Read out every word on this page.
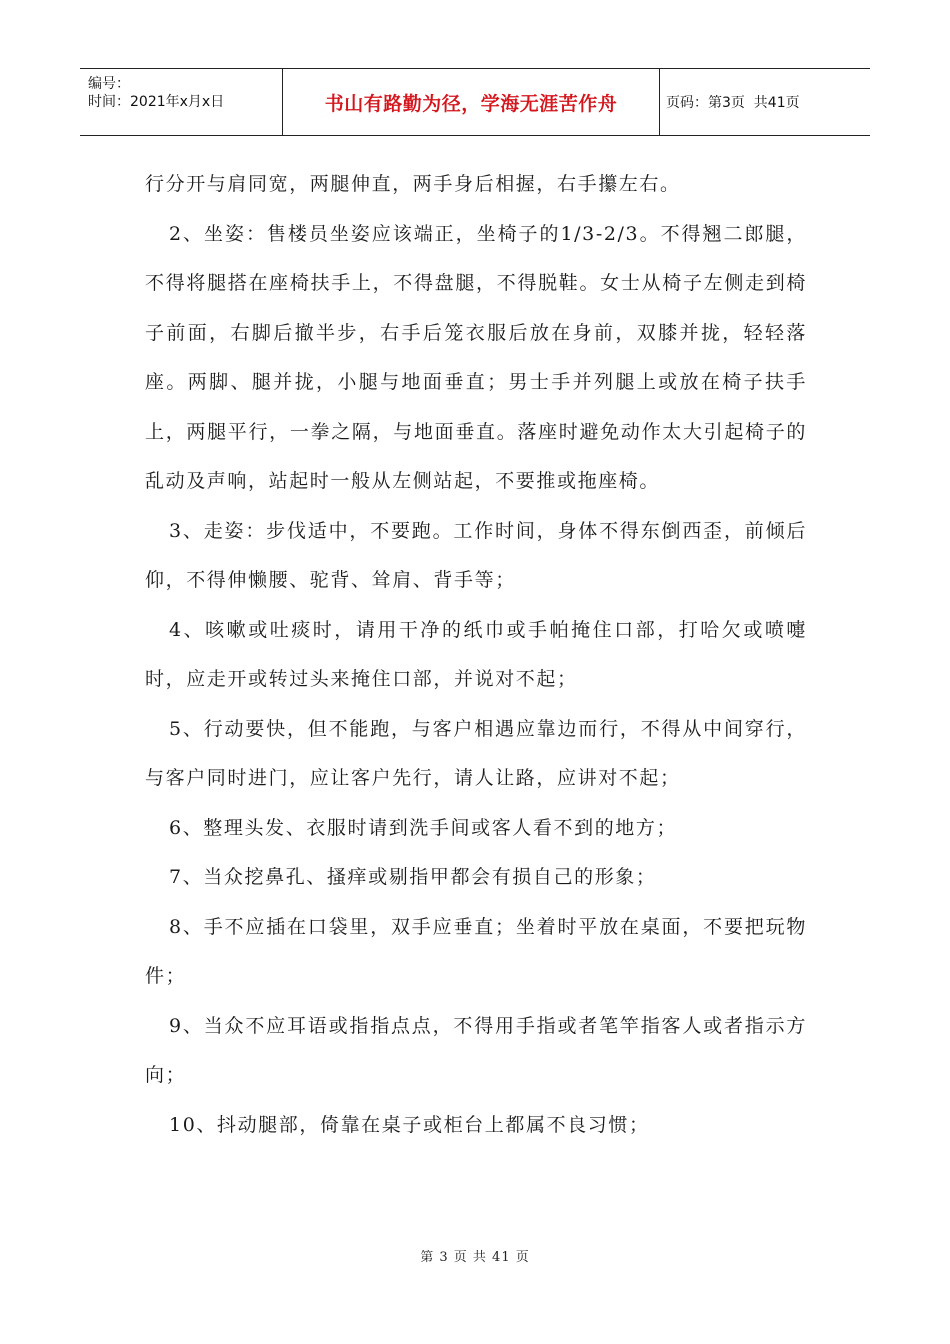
编号：
时间：2021年x月x日	书山有路勤为径，学海无涯苦作舟	页码：第3页  共41页

行分开与肩同宽，两腿伸直，两手身后相握，右手攥左右。

2、坐姿：售楼员坐姿应该端正，坐椅子的1/3-2/3。不得翘二郎腿，不得将腿搭在座椅扶手上，不得盘腿，不得脱鞋。女士从椅子左侧走到椅子前面，右脚后撤半步，右手后笼衣服后放在身前，双膝并拢，轻轻落座。两脚、腿并拢，小腿与地面垂直；男士手并列腿上或放在椅子扶手上，两腿平行，一拳之隔，与地面垂直。落座时避免动作太大引起椅子的乱动及声响，站起时一般从左侧站起，不要推或拖座椅。

3、走姿：步伐适中，不要跑。工作时间，身体不得东倒西歪，前倾后仰，不得伸懒腰、驼背、耸肩、背手等；

4、咳嗽或吐痰时，请用干净的纸巾或手帕掩住口部，打哈欠或喷嚏时，应走开或转过头来掩住口部，并说对不起；

5、行动要快，但不能跑，与客户相遇应靠边而行，不得从中间穿行，与客户同时进门，应让客户先行，请人让路，应讲对不起；

6、整理头发、衣服时请到洗手间或客人看不到的地方；

7、当众挖鼻孔、搔痒或剔指甲都会有损自己的形象；

8、手不应插在口袋里，双手应垂直；坐着时平放在桌面，不要把玩物件；

9、当众不应耳语或指指点点，不得用手指或者笔竿指客人或者指示方向；

10、抖动腿部，倚靠在桌子或柜台上都属不良习惯；

第 3 页 共 41 页
